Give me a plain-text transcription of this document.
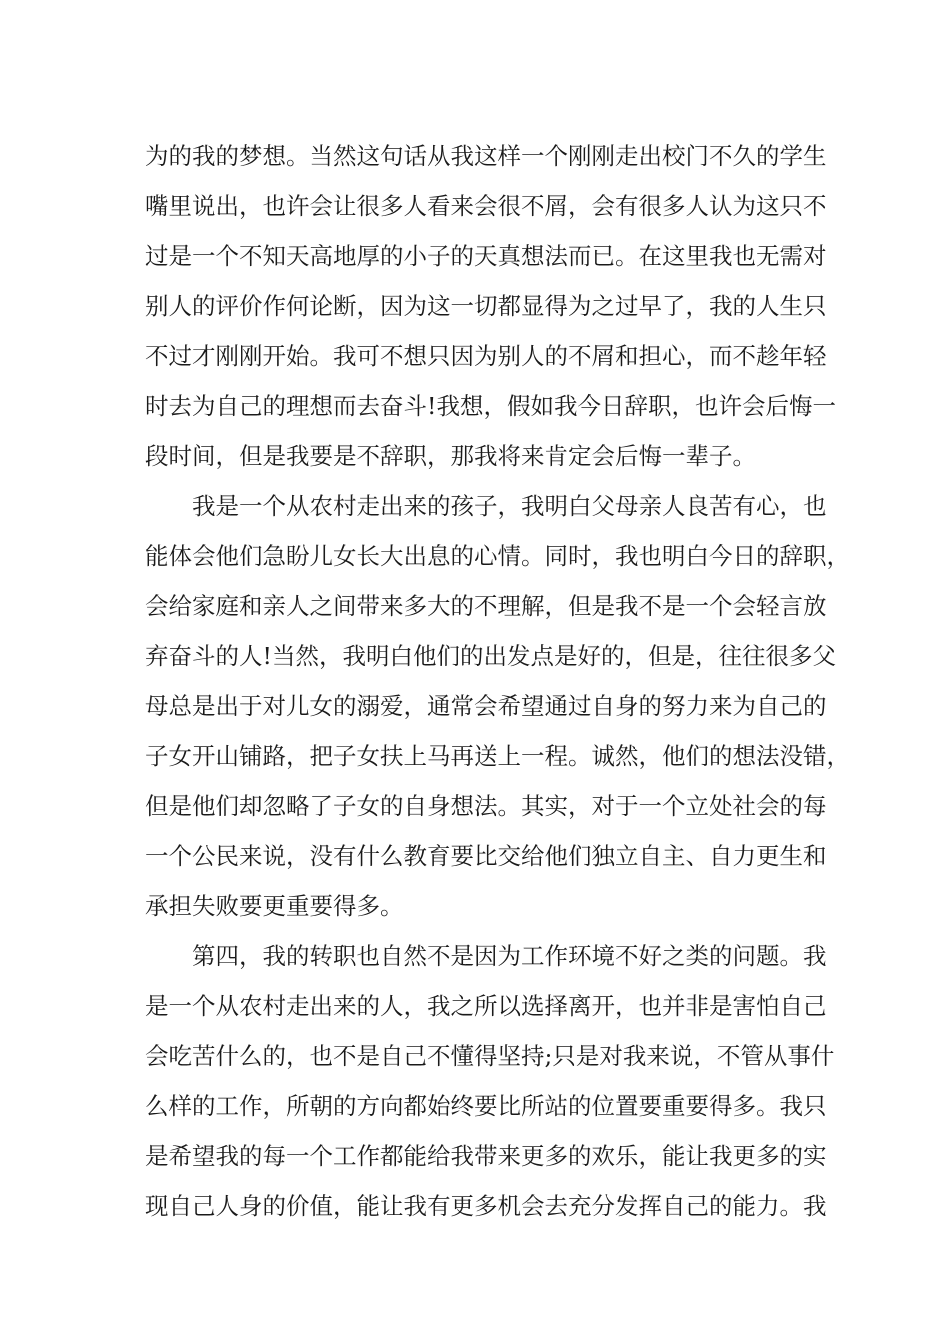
为的我的梦想。当然这句话从我这样一个刚刚走出校门不久的学生
嘴里说出，也许会让很多人看来会很不屑，会有很多人认为这只不
过是一个不知天高地厚的小子的天真想法而已。在这里我也无需对
别人的评价作何论断，因为这一切都显得为之过早了，我的人生只
不过才刚刚开始。我可不想只因为别人的不屑和担心，而不趁年轻
时去为自己的理想而去奋斗!我想，假如我今日辞职，也许会后悔一
段时间，但是我要是不辞职，那我将来肯定会后悔一辈子。
我是一个从农村走出来的孩子，我明白父母亲人良苦有心，也
能体会他们急盼儿女长大出息的心情。同时，我也明白今日的辞职，
会给家庭和亲人之间带来多大的不理解，但是我不是一个会轻言放
弃奋斗的人!当然，我明白他们的出发点是好的，但是，往往很多父
母总是出于对儿女的溺爱，通常会希望通过自身的努力来为自己的
子女开山铺路，把子女扶上马再送上一程。诚然，他们的想法没错，
但是他们却忽略了子女的自身想法。其实，对于一个立处社会的每
一个公民来说，没有什么教育要比交给他们独立自主、自力更生和
承担失败要更重要得多。
第四，我的转职也自然不是因为工作环境不好之类的问题。我
是一个从农村走出来的人，我之所以选择离开，也并非是害怕自己
会吃苦什么的，也不是自己不懂得坚持;只是对我来说，不管从事什
么样的工作，所朝的方向都始终要比所站的位置要重要得多。我只
是希望我的每一个工作都能给我带来更多的欢乐，能让我更多的实
现自己人身的价值，能让我有更多机会去充分发挥自己的能力。我
